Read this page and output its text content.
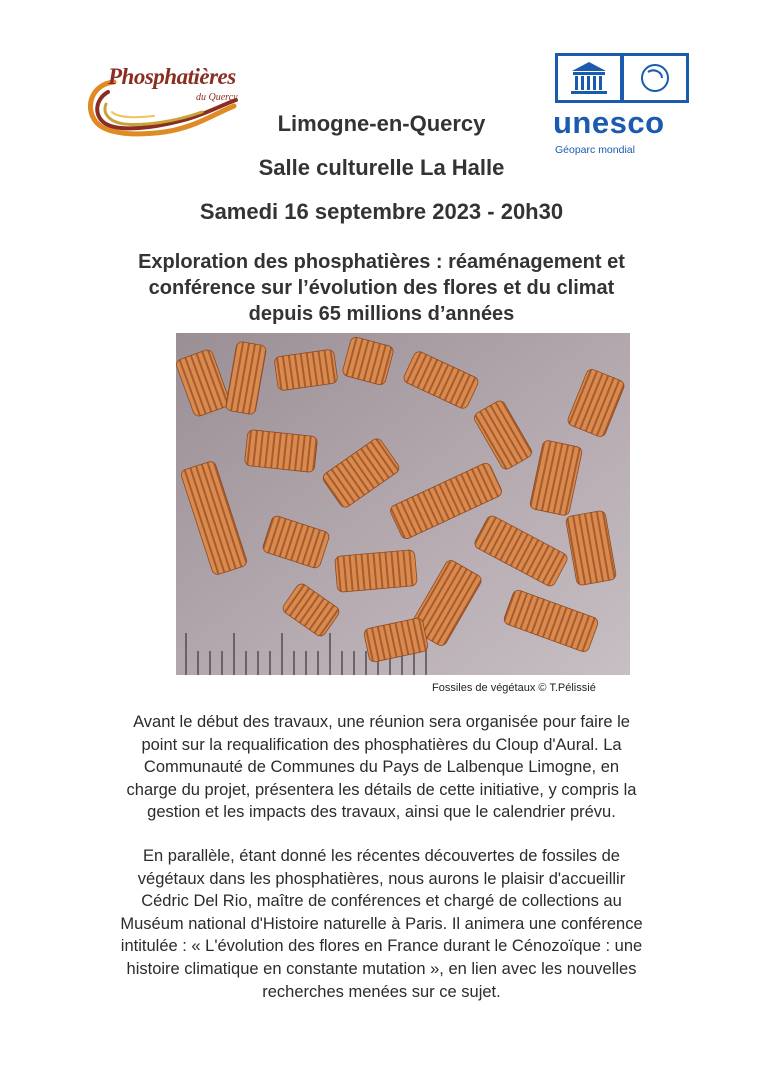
Phosphatières
du Quercy
unesco
Géoparc mondial
Limogne-en-Quercy
Salle culturelle La Halle
Samedi 16 septembre 2023 - 20h30
Exploration des phosphatières : réaménagement et
conférence sur l’évolution des flores et du climat
depuis 65 millions d’années
Fossiles de végétaux © T.Pélissié
Avant le début des travaux, une réunion sera organisée pour faire le
point sur la requalification des phosphatières du Cloup d'Aural. La
Communauté de Communes du Pays de Lalbenque Limogne, en
charge du projet, présentera les détails de cette initiative, y compris la
gestion et les impacts des travaux, ainsi que le calendrier prévu.
En parallèle, étant donné les récentes découvertes de fossiles de
végétaux dans les phosphatières, nous aurons le plaisir d'accueillir
Cédric Del Rio, maître de conférences et chargé de collections au
Muséum national d'Histoire naturelle à Paris. Il animera une conférence
intitulée : « L'évolution des flores en France durant le Cénozoïque : une
histoire climatique en constante mutation », en lien avec les nouvelles
recherches menées sur ce sujet.
